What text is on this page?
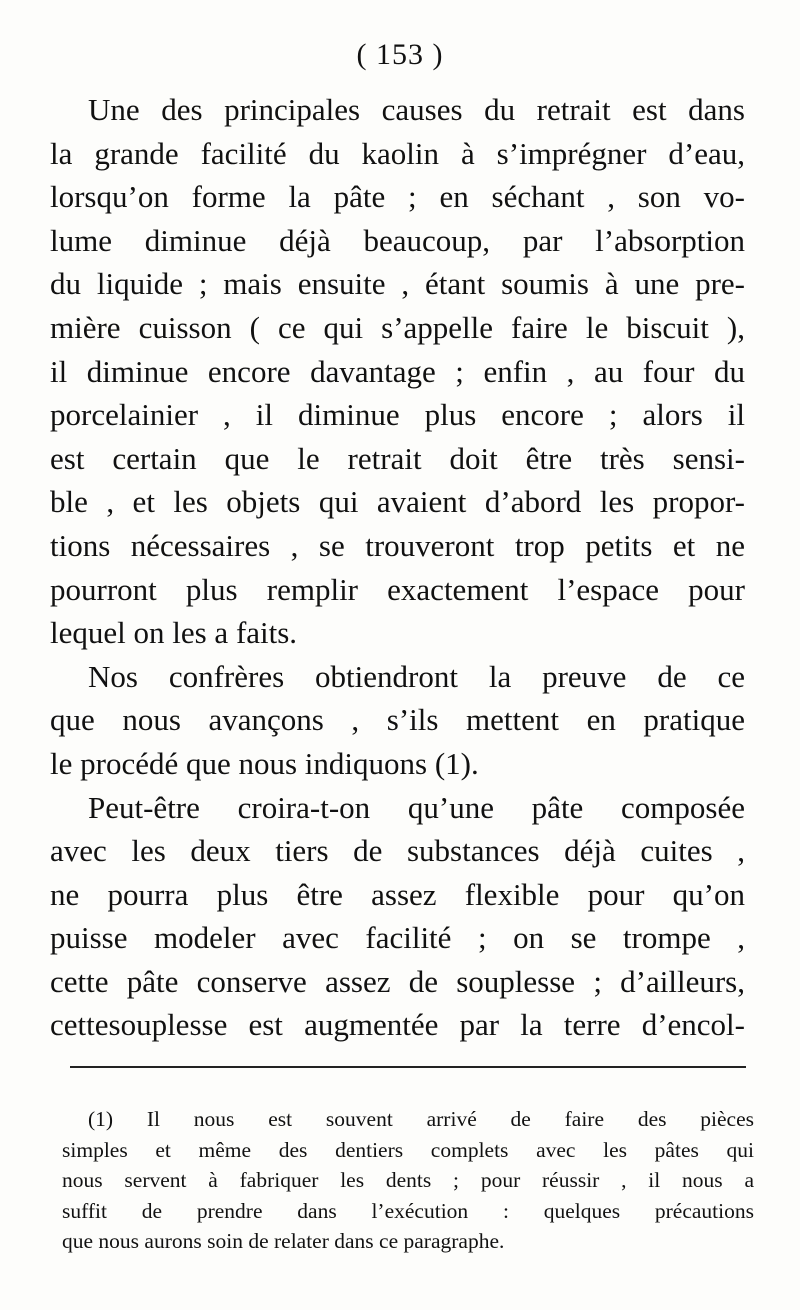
( 153 )
Une des principales causes du retrait est dans
la grande facilité du kaolin à s’imprégner d’eau,
lorsqu’on forme la pâte ; en séchant , son vo-
lume diminue déjà beaucoup, par l’absorption
du liquide ; mais ensuite , étant soumis à une pre-
mière cuisson ( ce qui s’appelle faire le biscuit ),
il diminue encore davantage ; enfin , au four du
porcelainier , il diminue plus encore ; alors il
est certain que le retrait doit être très sensi-
ble , et les objets qui avaient d’abord les propor-
tions nécessaires , se trouveront trop petits et ne
pourront plus remplir exactement l’espace pour
lequel on les a faits.
Nos confrères obtiendront la preuve de ce
que nous avançons , s’ils mettent en pratique
le procédé que nous indiquons (1).
Peut-être croira-t-on qu’une pâte composée
avec les deux tiers de substances déjà cuites ,
ne pourra plus être assez flexible pour qu’on
puisse modeler avec facilité ; on se trompe ,
cette pâte conserve assez de souplesse ; d’ailleurs,
cettesouplesse est augmentée par la terre d’encol-
(1) Il nous est souvent arrivé de faire des pièces
simples et même des dentiers complets avec les pâtes qui
nous servent à fabriquer les dents ; pour réussir , il nous a
suffit de prendre dans l’exécution : quelques précautions
que nous aurons soin de relater dans ce paragraphe.
